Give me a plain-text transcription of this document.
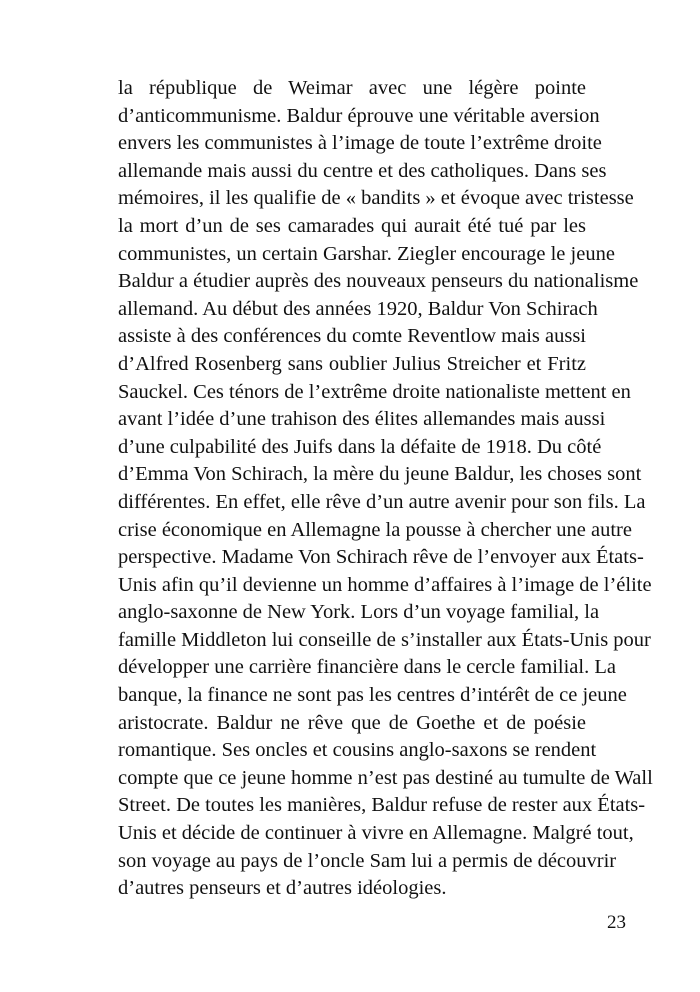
la république de Weimar avec une légère pointe
d’anticommunisme. Baldur éprouve une véritable aversion
envers les communistes à l’image de toute l’extrême droite
allemande mais aussi du centre et des catholiques. Dans ses
mémoires, il les qualifie de « bandits » et évoque avec tristesse
la mort d’un de ses camarades qui aurait été tué par les
communistes, un certain Garshar. Ziegler encourage le jeune
Baldur a étudier auprès des nouveaux penseurs du nationalisme
allemand. Au début des années 1920, Baldur Von Schirach
assiste à des conférences du comte Reventlow mais aussi
d’Alfred Rosenberg sans oublier Julius Streicher et Fritz
Sauckel. Ces ténors de l’extrême droite nationaliste mettent en
avant l’idée d’une trahison des élites allemandes mais aussi
d’une culpabilité des Juifs dans la défaite de 1918. Du côté
d’Emma Von Schirach, la mère du jeune Baldur, les choses sont
différentes. En effet, elle rêve d’un autre avenir pour son fils. La
crise économique en Allemagne la pousse à chercher une autre
perspective. Madame Von Schirach rêve de l’envoyer aux États-
Unis afin qu’il devienne un homme d’affaires à l’image de l’élite
anglo-saxonne de New York. Lors d’un voyage familial, la
famille Middleton lui conseille de s’installer aux États-Unis pour
développer une carrière financière dans le cercle familial. La
banque, la finance ne sont pas les centres d’intérêt de ce jeune
aristocrate. Baldur ne rêve que de Goethe et de poésie
romantique. Ses oncles et cousins anglo-saxons se rendent
compte que ce jeune homme n’est pas destiné au tumulte de Wall
Street. De toutes les manières, Baldur refuse de rester aux États-
Unis et décide de continuer à vivre en Allemagne. Malgré tout,
son voyage au pays de l’oncle Sam lui a permis de découvrir
d’autres penseurs et d’autres idéologies.
23
